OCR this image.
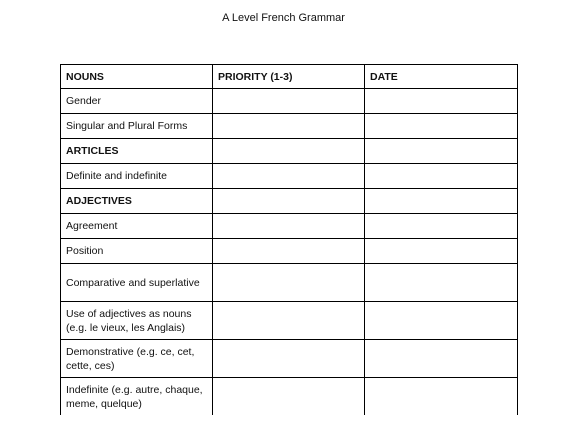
A Level French Grammar
NOUNS	PRIORITY (1-3)	DATE
Gender		
Singular and Plural Forms		
ARTICLES		
Definite and indefinite		
ADJECTIVES		
Agreement		
Position		
Comparative and superlative		
Use of adjectives as nouns (e.g. le vieux, les Anglais)		
Demonstrative (e.g. ce, cet, cette, ces)		
Indefinite (e.g. autre, chaque, meme, quelque)		
